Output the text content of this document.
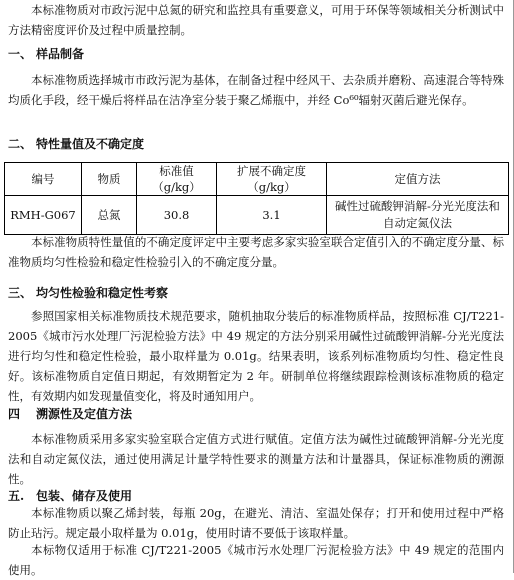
本标准物质对市政污泥中总氮的研究和监控具有重要意义，可用于环保等领域相关分析测试中方法精密度评价及过程中质量控制。
一、 样品制备
本标准物质选择城市市政污泥为基体，在制备过程中经风干、去杂质并磨粉、高速混合等特殊均质化手段，经干燥后将样品在洁净室分装于聚乙烯瓶中，并经 Co⁶⁰辐射灭菌后避光保存。
二、 特性量值及不确定度
编号	物质	标准值（g/kg）	扩展不确定度（g/kg）	定值方法
RMH-G067	总氮	30.8	3.1	碱性过硫酸钾消解-分光光度法和自动定氮仪法
本标准物质特性量值的不确定度评定中主要考虑多家实验室联合定值引入的不确定度分量、标准物质均匀性检验和稳定性检验引入的不确定度分量。
三、 均匀性检验和稳定性考察
参照国家相关标准物质技术规范要求，随机抽取分装后的标准物质样品，按照标准 CJ/T221-2005《城市污水处理厂污泥检验方法》中 49 规定的方法分别采用碱性过硫酸钾消解-分光光度法进行均匀性和稳定性检验，最小取样量为 0.01g。结果表明，该系列标准物质均匀性、稳定性良好。该标准物质自定值日期起，有效期暂定为 2 年。研制单位将继续跟踪检测该标准物质的稳定性，有效期内如发现量值变化，将及时通知用户。
四 溯源性及定值方法
本标准物质采用多家实验室联合定值方式进行赋值。定值方法为碱性过硫酸钾消解-分光光度法和自动定氮仪法，通过使用满足计量学特性要求的测量方法和计量器具，保证标准物质的溯源性。
五. 包装、储存及使用
本标准物质以聚乙烯封装，每瓶 20g，在避光、清洁、室温处保存；打开和使用过程中严格防止玷污。规定最小取样量为 0.01g，使用时请不要低于该取样量。
本标物仅适用于标准 CJ/T221-2005《城市污水处理厂污泥检验方法》中 49 规定的范围内使用。
